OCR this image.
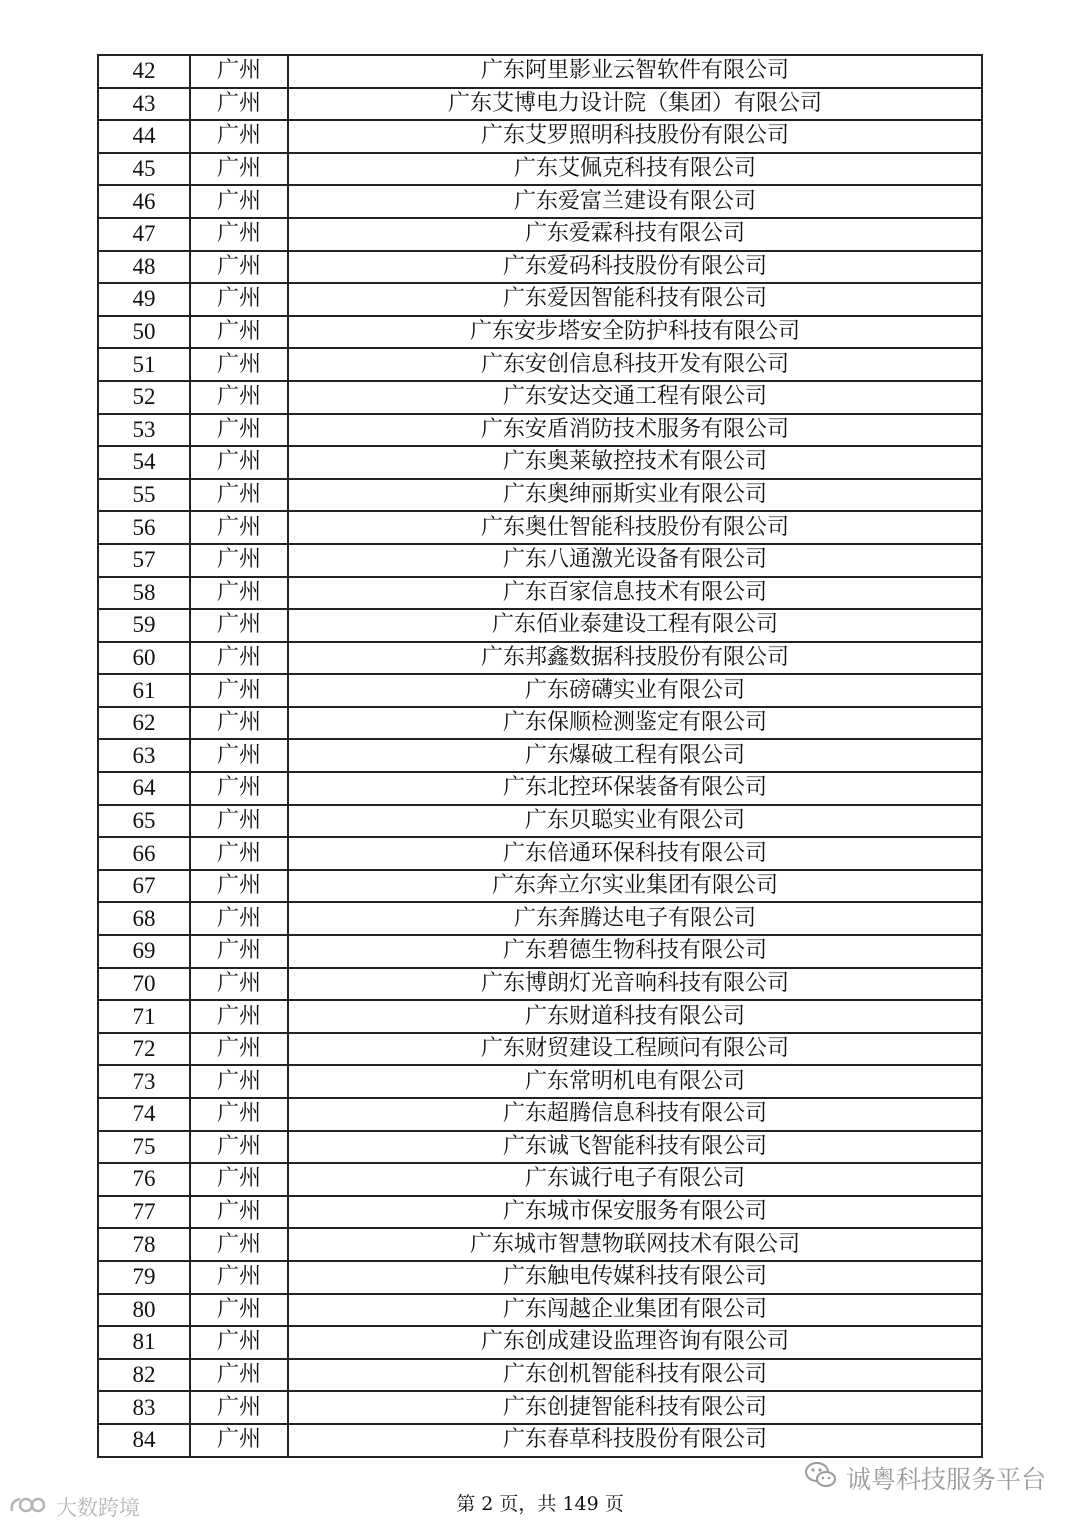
42	广州	广东阿里影业云智软件有限公司
43	广州	广东艾博电力设计院（集团）有限公司
44	广州	广东艾罗照明科技股份有限公司
45	广州	广东艾佩克科技有限公司
46	广州	广东爱富兰建设有限公司
47	广州	广东爱霖科技有限公司
48	广州	广东爱码科技股份有限公司
49	广州	广东爱因智能科技有限公司
50	广州	广东安步塔安全防护科技有限公司
51	广州	广东安创信息科技开发有限公司
52	广州	广东安达交通工程有限公司
53	广州	广东安盾消防技术服务有限公司
54	广州	广东奥莱敏控技术有限公司
55	广州	广东奥绅丽斯实业有限公司
56	广州	广东奥仕智能科技股份有限公司
57	广州	广东八通激光设备有限公司
58	广州	广东百家信息技术有限公司
59	广州	广东佰业泰建设工程有限公司
60	广州	广东邦鑫数据科技股份有限公司
61	广州	广东磅礴实业有限公司
62	广州	广东保顺检测鉴定有限公司
63	广州	广东爆破工程有限公司
64	广州	广东北控环保装备有限公司
65	广州	广东贝聪实业有限公司
66	广州	广东倍通环保科技有限公司
67	广州	广东奔立尔实业集团有限公司
68	广州	广东奔腾达电子有限公司
69	广州	广东碧德生物科技有限公司
70	广州	广东博朗灯光音响科技有限公司
71	广州	广东财道科技有限公司
72	广州	广东财贸建设工程顾问有限公司
73	广州	广东常明机电有限公司
74	广州	广东超腾信息科技有限公司
75	广州	广东诚飞智能科技有限公司
76	广州	广东诚行电子有限公司
77	广州	广东城市保安服务有限公司
78	广州	广东城市智慧物联网技术有限公司
79	广州	广东触电传媒科技有限公司
80	广州	广东闯越企业集团有限公司
81	广州	广东创成建设监理咨询有限公司
82	广州	广东创机智能科技有限公司
83	广州	广东创捷智能科技有限公司
84	广州	广东春草科技股份有限公司
第 2 页，共 149 页
诚粤科技服务平台
大数跨境
